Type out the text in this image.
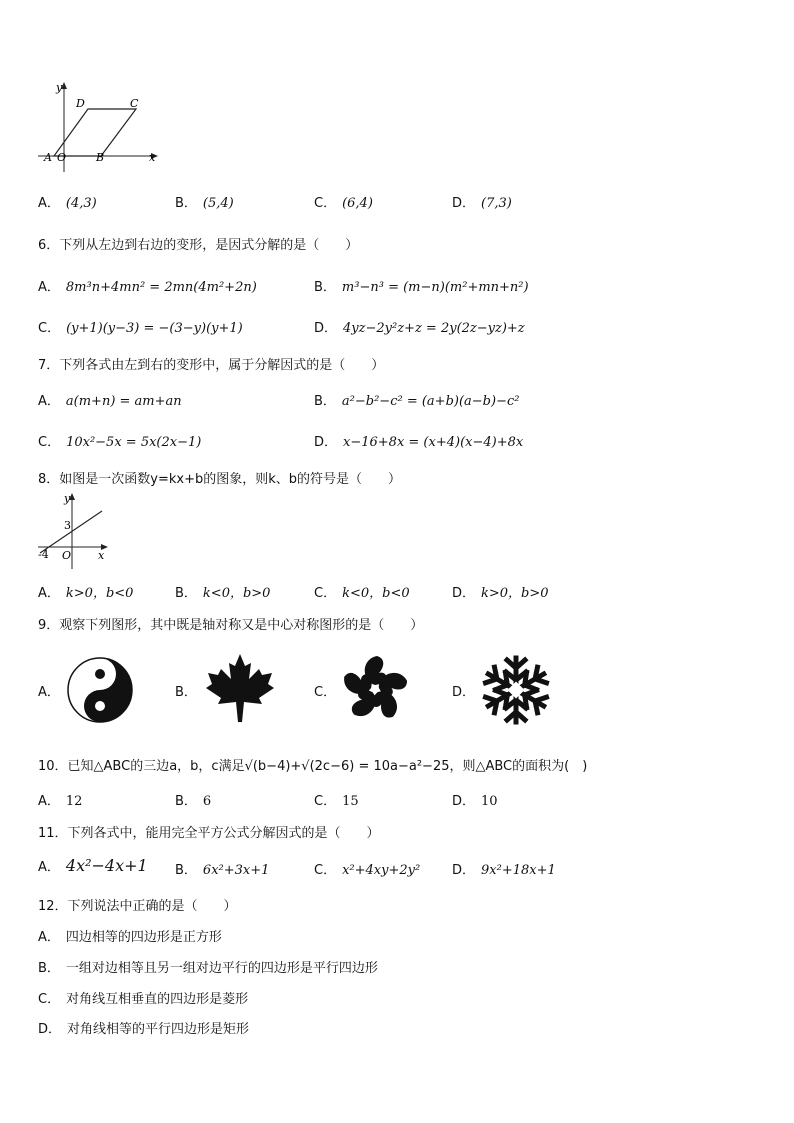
y
x
D	C
A O	B
A． (4,3)	B． (5,4)	C． (6,4)	D． (7,3)
6．下列从左边到右边的变形，是因式分解的是（　　）
A． 8m³n+4mn² = 2mn(4m²+2n)	B． m³−n³ = (m−n)(m²+mn+n²)
C． (y+1)(y−3) = −(3−y)(y+1)	D． 4yz−2y²z+z = 2y(2z−yz)+z
7．下列各式由左到右的变形中，属于分解因式的是（　　）
A． a(m+n) = am+an	B． a²−b²−c² = (a+b)(a−b)−c²
C． 10x²−5x = 5x(2x−1)	D． x−16+8x = (x+4)(x−4)+8x
8．如图是一次函数y=kx+b的图象，则k、b的符号是（　　）
y
x
3
-4 O
A． k>0，b<0	B． k<0，b>0	C． k<0，b<0	D． k>0，b>0
9．观察下列图形，其中既是轴对称又是中心对称图形的是（　　）
A．	B．	C．	D．
10．已知△ABC的三边a，b，c满足√(b−4)+√(2c−6) = 10a−a²−25，则△ABC的面积为(　)
A． 12	B． 6	C． 15	D． 10
11．下列各式中，能用完全平方公式分解因式的是（　　）
A． 4x²−4x+1 B． 6x²+3x+1	C． x²+4xy+2y² D． 9x²+18x+1
12．下列说法中正确的是（　　）
A． 四边相等的四边形是正方形
B． 一组对边相等且另一组对边平行的四边形是平行四边形
C． 对角线互相垂直的四边形是菱形
D． 对角线相等的平行四边形是矩形
